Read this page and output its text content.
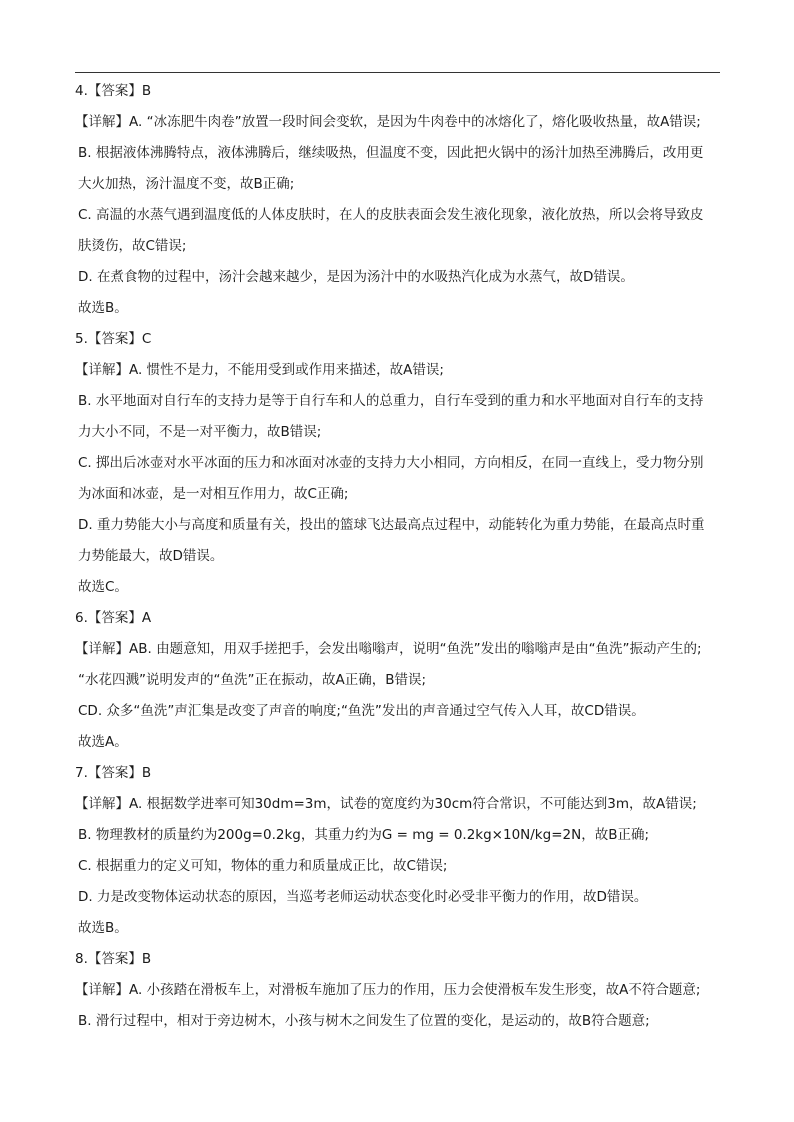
4.【答案】B
【详解】A. “冰冻肥牛肉卷”放置一段时间会变软，是因为牛肉卷中的冰熔化了，熔化吸收热量，故A错误;
B. 根据液体沸腾特点，液体沸腾后，继续吸热，但温度不变，因此把火锅中的汤汁加热至沸腾后，改用更
大火加热，汤汁温度不变，故B正确;
C. 高温的水蒸气遇到温度低的人体皮肤时，在人的皮肤表面会发生液化现象，液化放热，所以会将导致皮
肤烫伤，故C错误;
D. 在煮食物的过程中，汤汁会越来越少，是因为汤汁中的水吸热汽化成为水蒸气，故D错误。
故选B。
5.【答案】C
【详解】A. 惯性不是力，不能用受到或作用来描述，故A错误;
B. 水平地面对自行车的支持力是等于自行车和人的总重力，自行车受到的重力和水平地面对自行车的支持
力大小不同，不是一对平衡力，故B错误;
C. 掷出后冰壶对水平冰面的压力和冰面对冰壶的支持力大小相同，方向相反，在同一直线上，受力物分别
为冰面和冰壶，是一对相互作用力，故C正确;
D. 重力势能大小与高度和质量有关，投出的篮球飞达最高点过程中，动能转化为重力势能，在最高点时重
力势能最大，故D错误。
故选C。
6.【答案】A
【详解】AB. 由题意知，用双手搓把手，会发出嗡嗡声，说明“鱼洗”发出的嗡嗡声是由“鱼洗”振动产生的;
“水花四溅”说明发声的“鱼洗”正在振动，故A正确，B错误;
CD. 众多“鱼洗”声汇集是改变了声音的响度;“鱼洗”发出的声音通过空气传入人耳，故CD错误。
故选A。
7.【答案】B
【详解】A. 根据数学进率可知30dm=3m，试卷的宽度约为30cm符合常识，不可能达到3m，故A错误;
B. 物理教材的质量约为200g=0.2kg，其重力约为G = mg = 0.2kg×10N/kg=2N，故B正确;
C. 根据重力的定义可知，物体的重力和质量成正比，故C错误;
D. 力是改变物体运动状态的原因，当巡考老师运动状态变化时必受非平衡力的作用，故D错误。
故选B。
8.【答案】B
【详解】A. 小孩踏在滑板车上，对滑板车施加了压力的作用，压力会使滑板车发生形变，故A不符合题意;
B. 滑行过程中，相对于旁边树木，小孩与树木之间发生了位置的变化，是运动的，故B符合题意;
